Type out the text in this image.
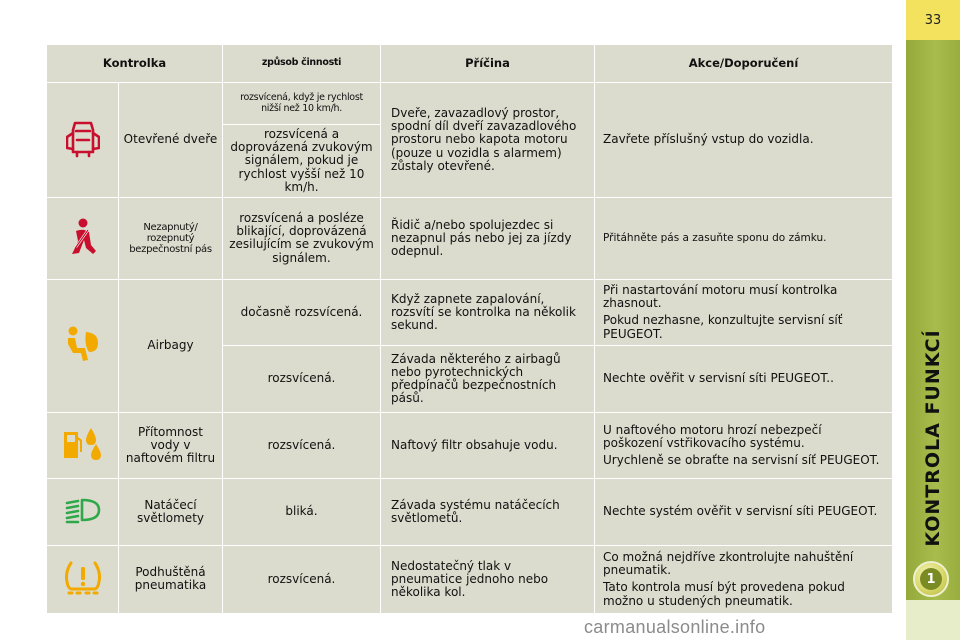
33
KONTROLA FUNKCÍ
1
carmanualsonline.info
Kontrolka		způsob činnosti	Příčina	Akce/Doporučení
	Otevřené dveře	rozsvícená, když je rychlost nižší než 10 km/h.	Dveře, zavazadlový prostor, spodní díl dveří zavazadlového prostoru nebo kapota motoru (pouze u vozidla s alarmem) zůstaly otevřené.	Zavřete příslušný vstup do vozidla.

		rozsvícená a doprovázená zvukovým signálem, pokud je rychlost vyšší než 10 km/h.		
	Nezapnutý/ rozepnutý bezpečnostní pás	rozsvícená a posléze blikající, doprovázená zesilujícím se zvukovým signálem.	Řidič a/nebo spolujezdec si nezapnul pás nebo jej za jízdy odepnul.	Přitáhněte pás a zasuňte sponu do zámku.

	Airbagy	dočasně rozsvícená.	Když zapnete zapalování, rozsvítí se kontrolka na několik sekund.	Při nastartování motoru musí kontrolka zhasnout.

Pokud nezhasne, konzultujte servisní síť PEUGEOT.

		rozsvícená.	Závada některého z airbagů nebo pyrotechnických předpínačů bezpečnostních pásů.	Nechte ověřit v servisní síti PEUGEOT..

	Přítomnost vody v naftovém filtru	rozsvícená.	Naftový filtr obsahuje vodu.	U naftového motoru hrozí nebezpečí poškození vstřikovacího systému.

Urychleně se obraťte na servisní síť PEUGEOT.

	Natáčecí světlomety	bliká.	Závada systému natáčecích světlometů.	Nechte systém ověřit v servisní síti PEUGEOT.

	Podhuštěná pneumatika	rozsvícená.	Nedostatečný tlak v pneumatice jednoho nebo několika kol.	Co možná nejdříve zkontrolujte nahuštění pneumatik.

Tato kontrola musí být provedena pokud možno u studených pneumatik.
